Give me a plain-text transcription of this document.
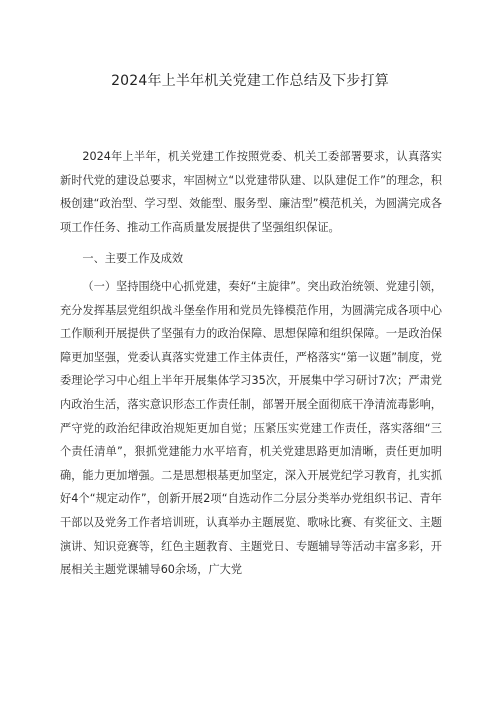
2024年上半年机关党建工作总结及下步打算

2024年上半年，机关党建工作按照党委、机关工委部署要求，认真落实新时代党的建设总要求，牢固树立“以党建带队建、以队建促工作”的理念，积极创建“政治型、学习型、效能型、服务型、廉洁型”模范机关，为圆满完成各项工作任务、推动工作高质量发展提供了坚强组织保证。

一、主要工作及成效

（一）坚持围绕中心抓党建，奏好“主旋律”。突出政治统领、党建引领，充分发挥基层党组织战斗堡垒作用和党员先锋模范作用，为圆满完成各项中心工作顺利开展提供了坚强有力的政治保障、思想保障和组织保障。一是政治保障更加坚强，党委认真落实党建工作主体责任，严格落实“第一议题”制度，党委理论学习中心组上半年开展集体学习35次，开展集中学习研讨7次；严肃党内政治生活，落实意识形态工作责任制，部署开展全面彻底干净清流毒影响，严守党的政治纪律政治规矩更加自觉；压紧压实党建工作责任，落实落细“三个责任清单”，狠抓党建能力水平培育，机关党建思路更加清晰，责任更加明确，能力更加增强。二是思想根基更加坚定，深入开展党纪学习教育，扎实抓好4个“规定动作”，创新开展2项“自选动作二分层分类举办党组织书记、青年干部以及党务工作者培训班，认真举办主题展览、歌咏比赛、有奖征文、主题演讲、知识竞赛等，红色主题教育、主题党日、专题辅导等活动丰富多彩，开展相关主题党课辅导60余场，广大党
